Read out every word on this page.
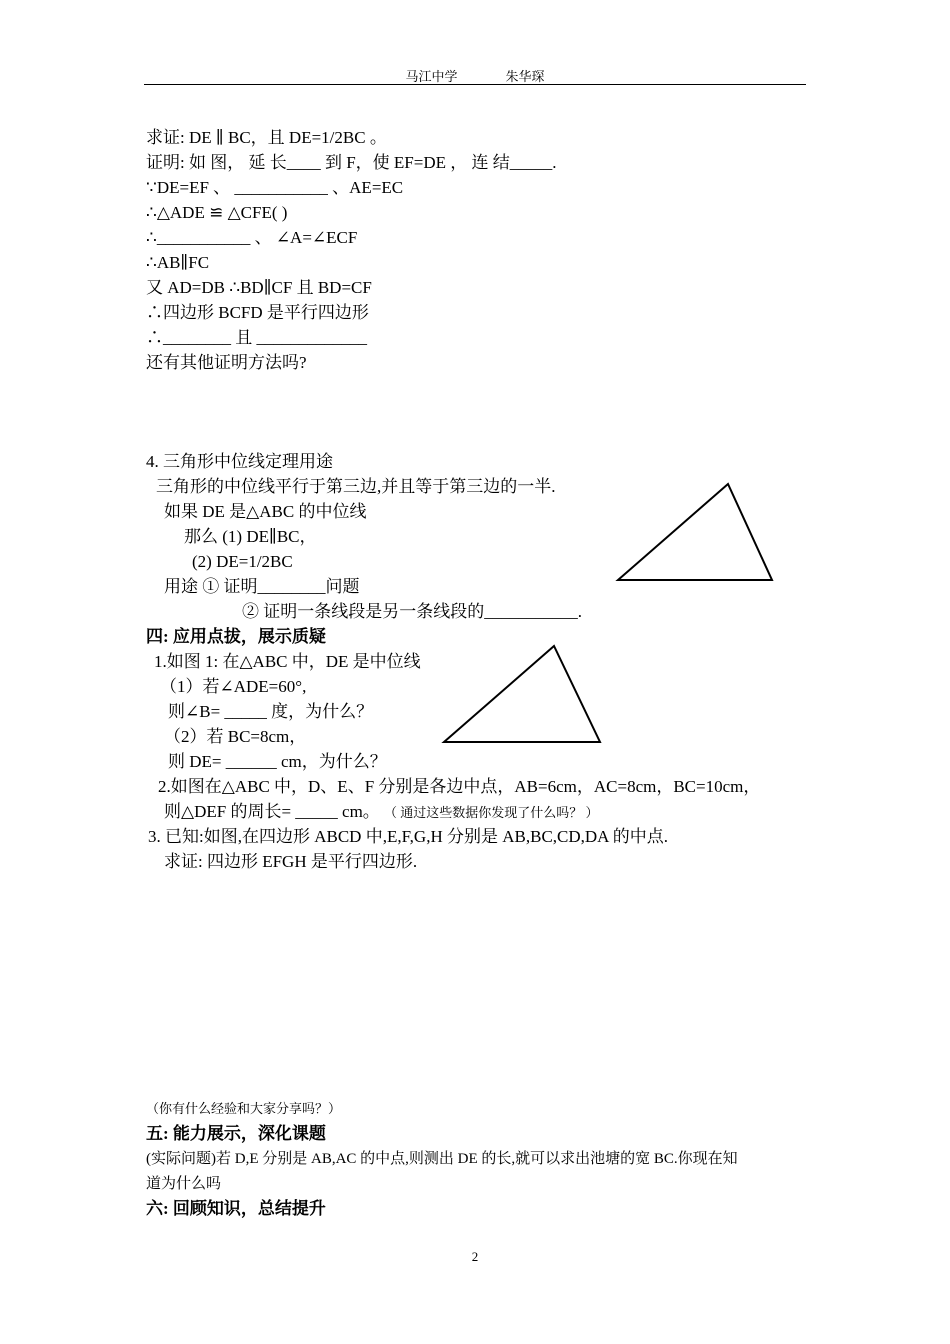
马江中学	朱华琛
求证: DE ∥ BC，且 DE=1/2BC 。
证明: 如 图， 延 长____ 到 F，使 EF=DE ， 连 结_____.
∵DE=EF 、 ___________ 、AE=EC
∴△ADE ≌ △CFE( )
∴___________ 、 ∠A=∠ECF
∴AB∥FC
又 AD=DB ∴BD∥CF 且 BD=CF
∴四边形 BCFD 是平行四边形
∴________ 且 _____________
还有其他证明方法吗?
4. 三角形中位线定理用途
三角形的中位线平行于第三边,并且等于第三边的一半.
如果 DE 是△ABC 的中位线
那么 (1) DE∥BC，
(2) DE=1/2BC
用途 ① 证明________问题
② 证明一条线段是另一条线段的___________.
四: 应用点拔，展示质疑
1.如图 1: 在△ABC 中，DE 是中位线
（1）若∠ADE=60°,
则∠B= _____ 度，为什么？
（2）若 BC=8cm，
则 DE= ______ cm，为什么？
2.如图在△ABC 中，D、E、F 分别是各边中点，AB=6cm，AC=8cm，BC=10cm，
则△DEF 的周长= _____ cm。 （ 通过这些数据你发现了什么吗？ ）
3. 已知:如图,在四边形 ABCD 中,E,F,G,H 分别是 AB,BC,CD,DA 的中点.
求证: 四边形 EFGH 是平行四边形.
（你有什么经验和大家分享吗？）
五: 能力展示，深化课题
(实际问题)若 D,E 分别是 AB,AC 的中点,则测出 DE 的长,就可以求出池塘的宽 BC.你现在知
道为什么吗
六: 回顾知识，总结提升
2
